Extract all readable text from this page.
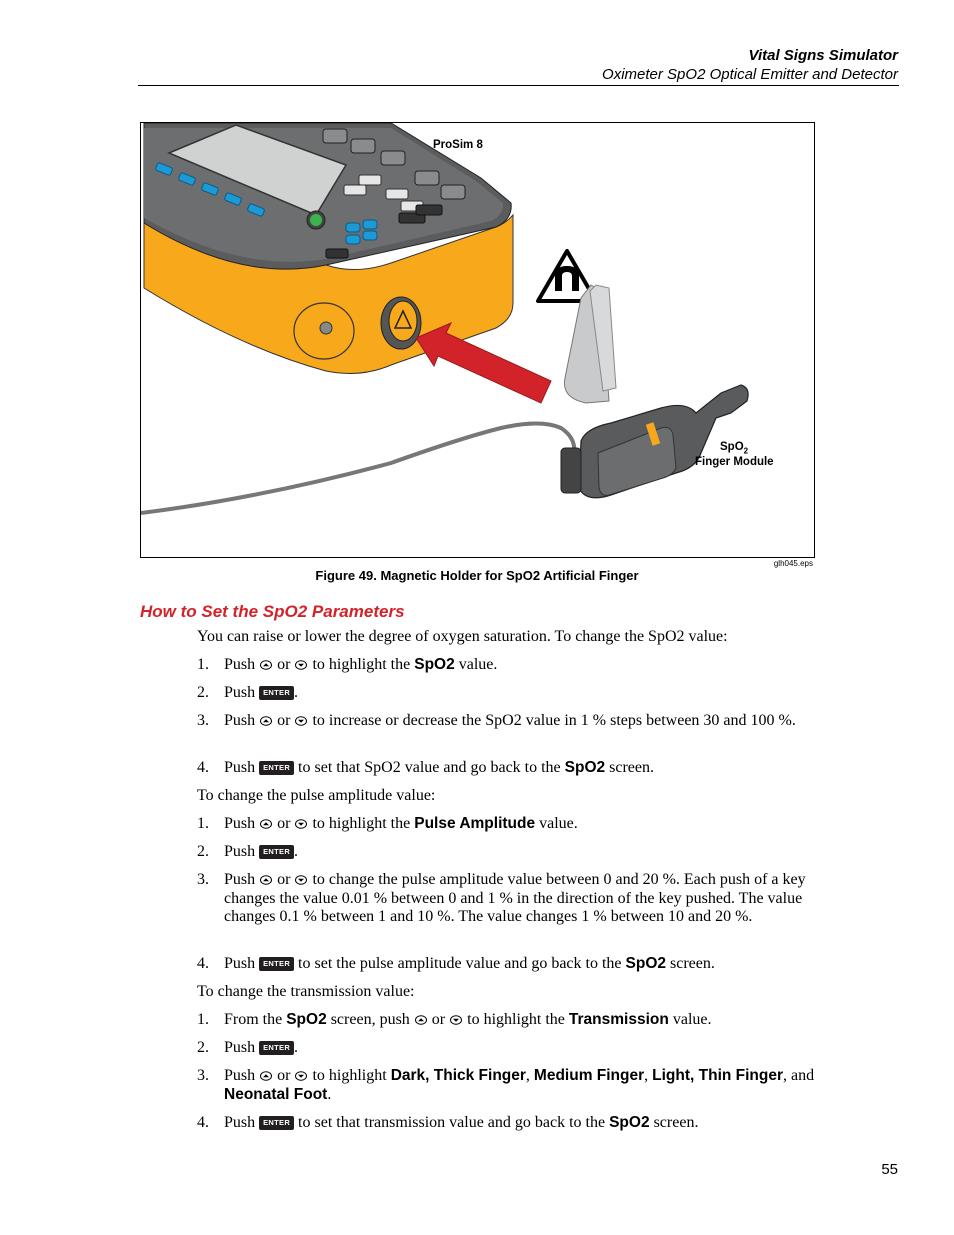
Vital Signs Simulator
Oximeter SpO2 Optical Emitter and Detector
ProSim 8
SpO$_2$
Finger Module
glh045.eps
Figure 49. Magnetic Holder for SpO2 Artificial Finger
How to Set the SpO2 Parameters
You can raise or lower the degree of oxygen saturation. To change the SpO2 value:
1. Push or to highlight the SpO2 value.
2. Push ENTER .
3. Push or to increase or decrease the SpO2 value in 1 % steps between 30 and 100 %.
4. Push ENTER to set that SpO2 value and go back to the SpO2 screen.
To change the pulse amplitude value:
1. Push or to highlight the Pulse Amplitude value.
2. Push ENTER .
3. Push or to change the pulse amplitude value between 0 and 20 %. Each push of a key changes the value 0.01 % between 0 and 1 % in the direction of the key pushed. The value changes 0.1 % between 1 and 10 %. The value changes 1 % between 10 and 20 %.
4. Push ENTER to set the pulse amplitude value and go back to the SpO2 screen.
To change the transmission value:
1. From the SpO2 screen, push or to highlight the Transmission value.
2. Push ENTER .
3. Push or to highlight Dark, Thick Finger, Medium Finger, Light, Thin Finger, and Neonatal Foot.
4. Push ENTER to set that transmission value and go back to the SpO2 screen.
55
